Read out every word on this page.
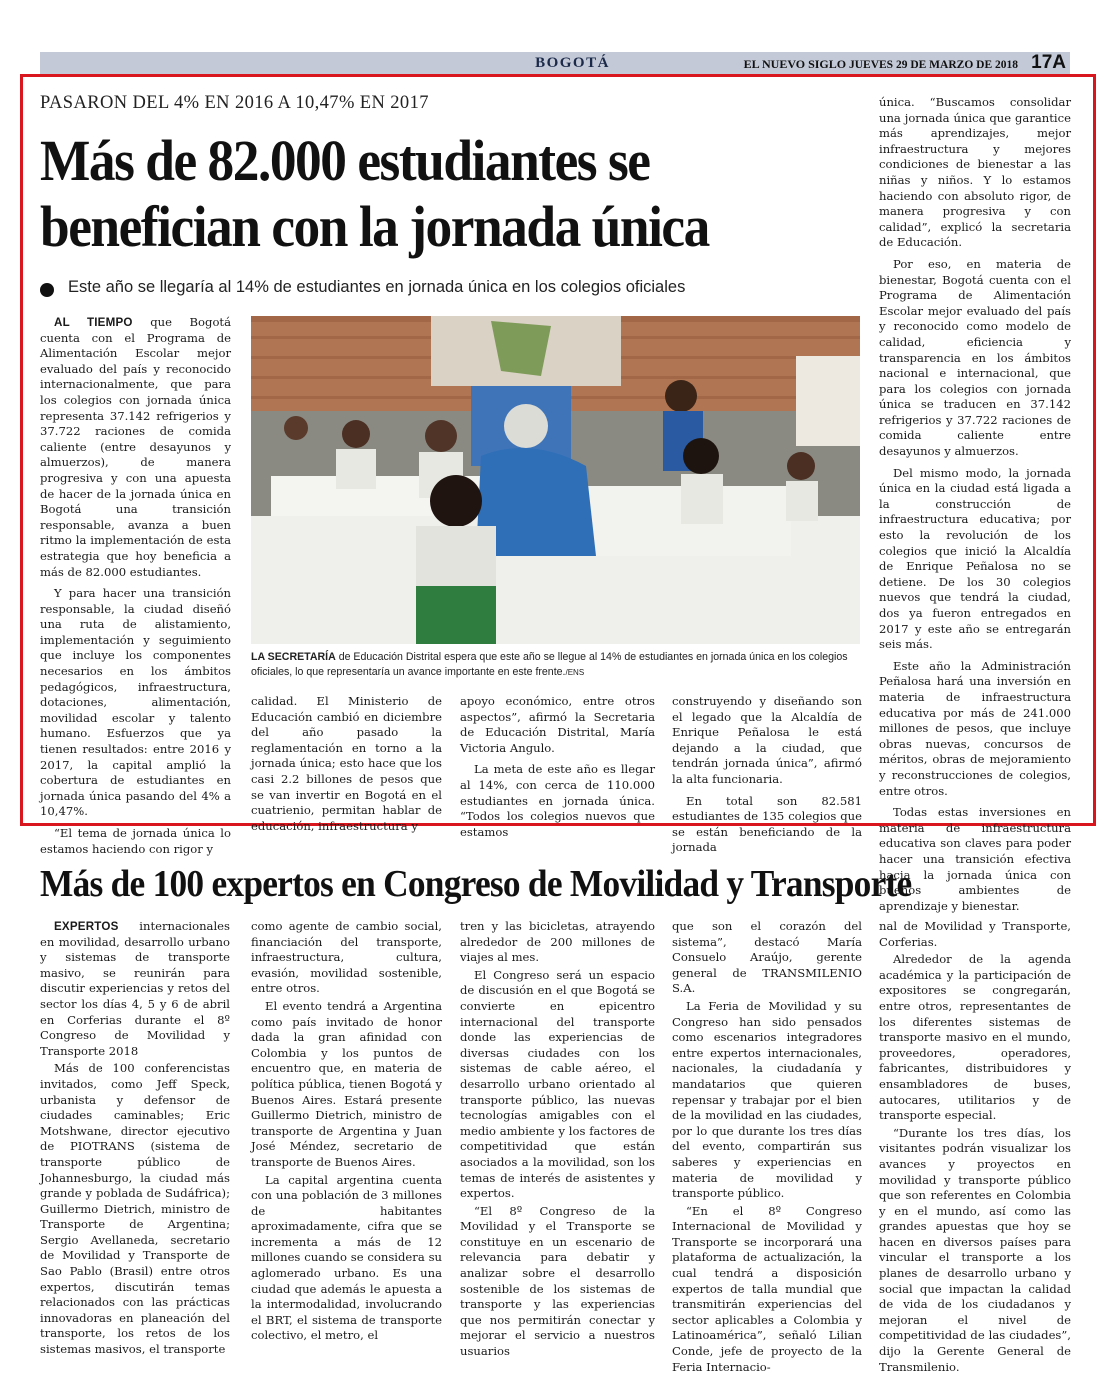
BOGOTÁ	EL NUEVO SIGLO JUEVES 29 DE MARZO DE 2018 17A
PASARON DEL 4% EN 2016 A 10,47% EN 2017
Más de 82.000 estudiantes se benefician con la jornada única
Este año se llegaría al 14% de estudiantes en jornada única en los colegios oficiales

AL TIEMPO que Bogotá cuenta con el Programa de Alimentación Escolar mejor evaluado del país y reconocido internacionalmente, que para los colegios con jornada única representa 37.142 refrigerios y 37.722 raciones de comida caliente (entre desayunos y almuerzos), de manera progresiva y con una apuesta de hacer de la jornada única en Bogotá una transición responsable, avanza a buen ritmo la implementación de esta estrategia que hoy beneficia a más de 82.000 estudiantes.

Y para hacer una transición responsable, la ciudad diseñó una ruta de alistamiento, implementación y seguimiento que incluye los componentes necesarios en los ámbitos pedagógicos, infraestructura, dotaciones, alimentación, movilidad escolar y talento humano. Esfuerzos que ya tienen resultados: entre 2016 y 2017, la capital amplió la cobertura de estudiantes en jornada única pasando del 4% a 10,47%.

“El tema de jornada única lo estamos haciendo con rigor y

LA SECRETARÍA de Educación Distrital espera que este año se llegue al 14% de estudiantes en jornada única en los colegios oficiales, lo que representaría un avance importante en este frente./ENS

calidad. El Ministerio de Educación cambió en diciembre del año pasado la reglamentación en torno a la jornada única; esto hace que los casi 2.2 billones de pesos que se van invertir en Bogotá en el cuatrienio, permitan hablar de educación, infraestructura y

apoyo económico, entre otros aspectos”, afirmó la Secretaria de Educación Distrital, María Victoria Angulo.

La meta de este año es llegar al 14%, con cerca de 110.000 estudiantes en jornada única. “Todos los colegios nuevos que estamos

construyendo y diseñando son el legado que la Alcaldía de Enrique Peñalosa le está dejando a la ciudad, que tendrán jornada única”, afirmó la alta funcionaria.

En total son 82.581 estudiantes de 135 colegios que se están beneficiando de la jornada

única. “Buscamos consolidar una jornada única que garantice más aprendizajes, mejor infraestructura y mejores condiciones de bienestar a las niñas y niños. Y lo estamos haciendo con absoluto rigor, de manera progresiva y con calidad”, explicó la secretaria de Educación.

Por eso, en materia de bienestar, Bogotá cuenta con el Programa de Alimentación Escolar mejor evaluado del país y reconocido como modelo de calidad, eficiencia y transparencia en los ámbitos nacional e internacional, que para los colegios con jornada única se traducen en 37.142 refrigerios y 37.722 raciones de comida caliente entre desayunos y almuerzos.

Del mismo modo, la jornada única en la ciudad está ligada a la construcción de infraestructura educativa; por esto la revolución de los colegios que inició la Alcaldía de Enrique Peñalosa no se detiene. De los 30 colegios nuevos que tendrá la ciudad, dos ya fueron entregados en 2017 y este año se entregarán seis más.

Este año la Administración Peñalosa hará una inversión en materia de infraestructura educativa por más de 241.000 millones de pesos, que incluye obras nuevas, concursos de méritos, obras de mejoramiento y reconstrucciones de colegios, entre otros.

Todas estas inversiones en materia de infraestructura educativa son claves para poder hacer una transición efectiva hacia la jornada única con buenos ambientes de aprendizaje y bienestar.

Más de 100 expertos en Congreso de Movilidad y Transporte

EXPERTOS internacionales en movilidad, desarrollo urbano y sistemas de transporte masivo, se reunirán para discutir experiencias y retos del sector los días 4, 5 y 6 de abril en Corferias durante el 8º Congreso de Movilidad y Transporte 2018

Más de 100 conferencistas invitados, como Jeff Speck, urbanista y defensor de ciudades caminables; Eric Motshwane, director ejecutivo de PIOTRANS (sistema de transporte público de Johannesburgo, la ciudad más grande y poblada de Sudáfrica); Guillermo Dietrich, ministro de Transporte de Argentina; Sergio Avellaneda, secretario de Movilidad y Transporte de Sao Pablo (Brasil) entre otros expertos, discutirán temas relacionados con las prácticas innovadoras en planeación del transporte, los retos de los sistemas masivos, el transporte

como agente de cambio social, financiación del transporte, infraestructura, cultura, evasión, movilidad sostenible, entre otros.

El evento tendrá a Argentina como país invitado de honor dada la gran afinidad con Colombia y los puntos de encuentro que, en materia de política pública, tienen Bogotá y Buenos Aires. Estará presente Guillermo Dietrich, ministro de transporte de Argentina y Juan José Méndez, secretario de transporte de Buenos Aires.

La capital argentina cuenta con una población de 3 millones de habitantes aproximadamente, cifra que se incrementa a más de 12 millones cuando se considera su aglomerado urbano. Es una ciudad que además le apuesta a la intermodalidad, involucrando el BRT, el sistema de transporte colectivo, el metro, el

tren y las bicicletas, atrayendo alrededor de 200 millones de viajes al mes.

El Congreso será un espacio de discusión en el que Bogotá se convierte en epicentro internacional del transporte donde las experiencias de diversas ciudades con los sistemas de cable aéreo, el desarrollo urbano orientado al transporte público, las nuevas tecnologías amigables con el medio ambiente y los factores de competitividad que están asociados a la movilidad, son los temas de interés de asistentes y expertos.

“El 8º Congreso de la Movilidad y el Transporte se constituye en un escenario de relevancia para debatir y analizar sobre el desarrollo sostenible de los sistemas de transporte y las experiencias que nos permitirán conectar y mejorar el servicio a nuestros usuarios

que son el corazón del sistema”, destacó María Consuelo Araújo, gerente general de TRANSMILENIO S.A.

La Feria de Movilidad y su Congreso han sido pensados como escenarios integradores entre expertos internacionales, nacionales, la ciudadanía y mandatarios que quieren repensar y trabajar por el bien de la movilidad en las ciudades, por lo que durante los tres días del evento, compartirán sus saberes y experiencias en materia de movilidad y transporte público.

“En el 8º Congreso Internacional de Movilidad y Transporte se incorporará una plataforma de actualización, la cual tendrá a disposición expertos de talla mundial que transmitirán experiencias del sector aplicables a Colombia y Latinoamérica”, señaló Lilian Conde, jefe de proyecto de la Feria Internacio-

nal de Movilidad y Transporte, Corferias.

Alrededor de la agenda académica y la participación de expositores se congregarán, entre otros, representantes de los diferentes sistemas de transporte masivo en el mundo, proveedores, operadores, fabricantes, distribuidores y ensambladores de buses, autocares, utilitarios y de transporte especial.

“Durante los tres días, los visitantes podrán visualizar los avances y proyectos en movilidad y transporte público que son referentes en Colombia y en el mundo, así como las grandes apuestas que hoy se hacen en diversos países para vincular el transporte a los planes de desarrollo urbano y social que impactan la calidad de vida de los ciudadanos y mejoran el nivel de competitividad de las ciudades”, dijo la Gerente General de Transmilenio.
